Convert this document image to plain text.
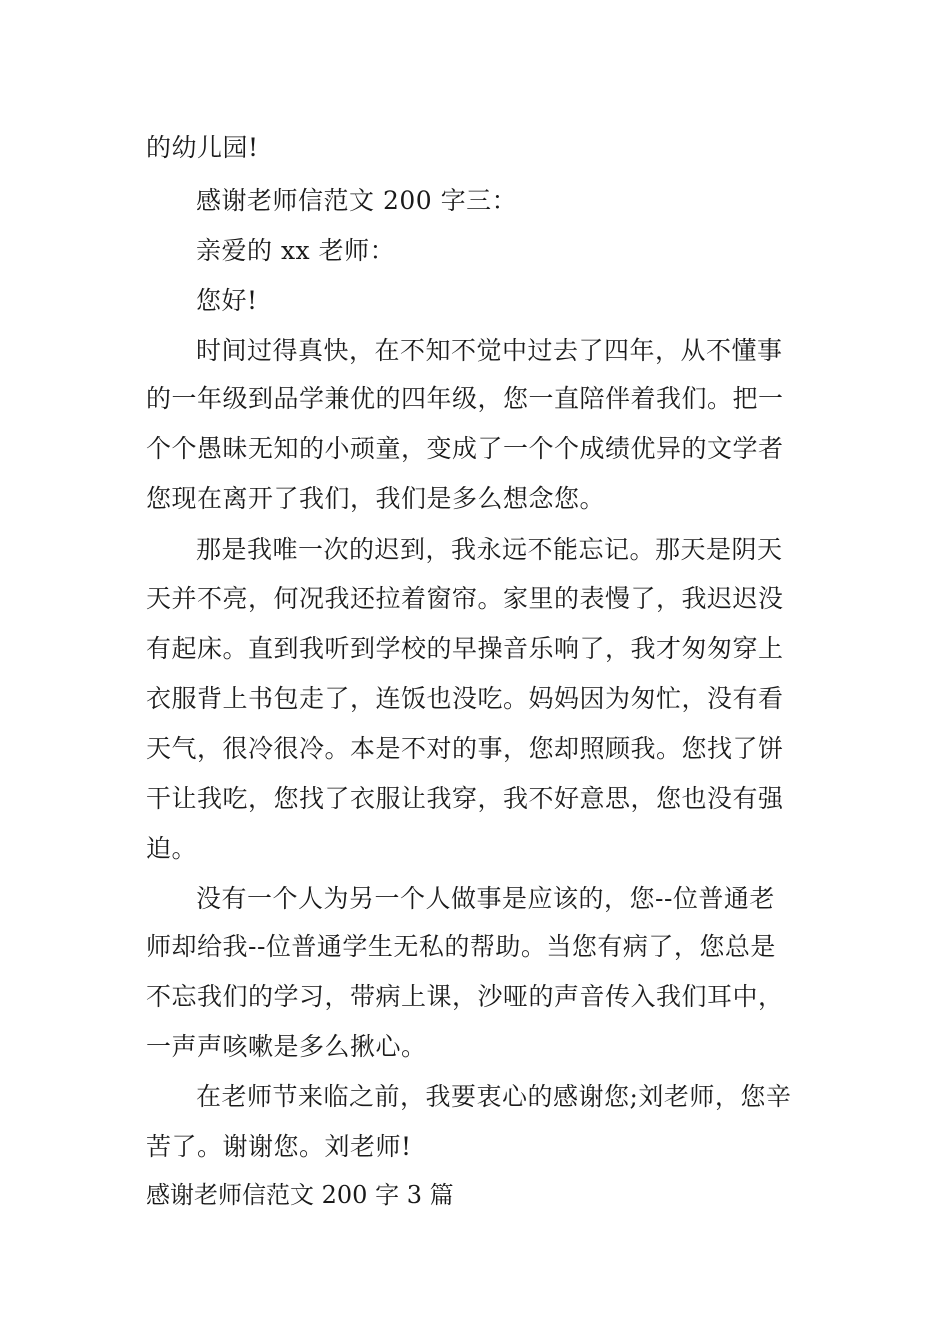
的幼儿园!
感谢老师信范文 200 字三：
亲爱的 xx 老师：
您好!
时间过得真快，在不知不觉中过去了四年，从不懂事
的一年级到品学兼优的四年级，您一直陪伴着我们。把一
个个愚昧无知的小顽童，变成了一个个成绩优异的文学者
您现在离开了我们，我们是多么想念您。
那是我唯一次的迟到，我永远不能忘记。那天是阴天
天并不亮，何况我还拉着窗帘。家里的表慢了，我迟迟没
有起床。直到我听到学校的早操音乐响了，我才匆匆穿上
衣服背上书包走了，连饭也没吃。妈妈因为匆忙，没有看
天气，很冷很冷。本是不对的事，您却照顾我。您找了饼
干让我吃，您找了衣服让我穿，我不好意思，您也没有强
迫。
没有一个人为另一个人做事是应该的，您--位普通老
师却给我--位普通学生无私的帮助。当您有病了，您总是
不忘我们的学习，带病上课，沙哑的声音传入我们耳中，
一声声咳嗽是多么揪心。
在老师节来临之前，我要衷心的感谢您;刘老师，您辛
苦了。谢谢您。刘老师!
感谢老师信范文 200 字 3 篇
